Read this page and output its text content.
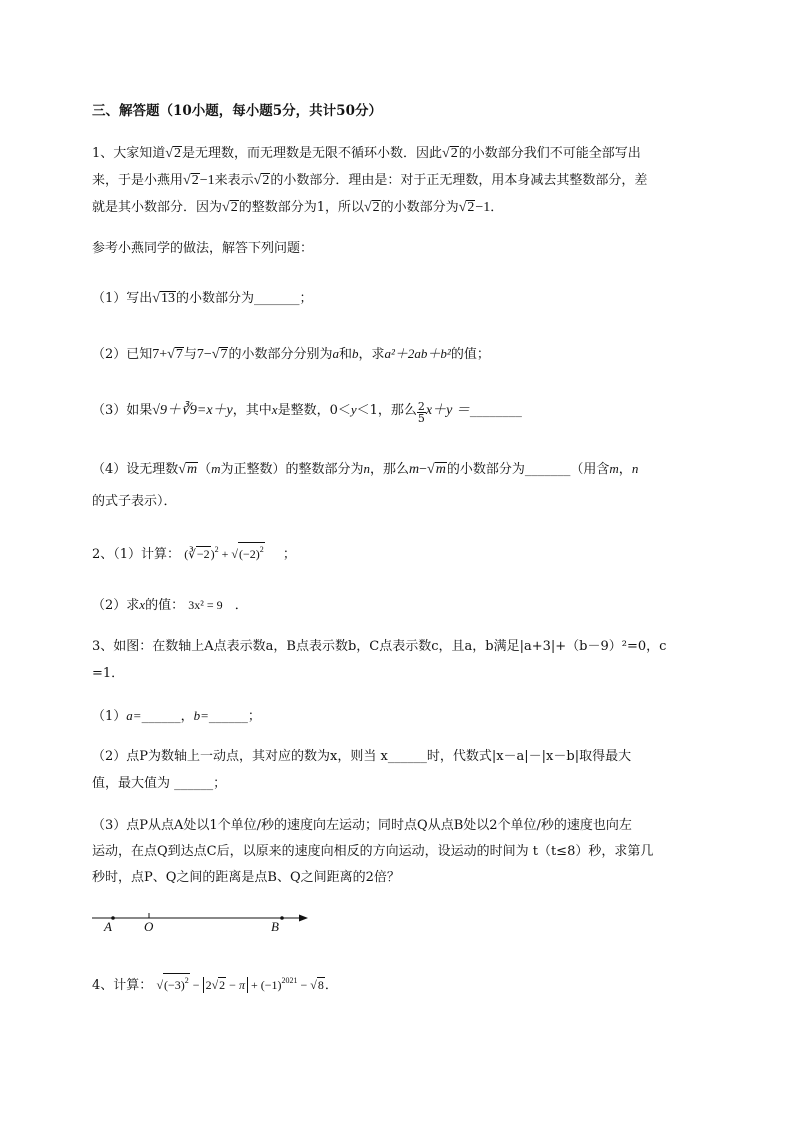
三、解答题（10小题，每小题5分，共计50分）
1、大家知道√2是无理数，而无理数是无限不循环小数．因此√2的小数部分我们不可能全部写出
来，于是小燕用√2−1来表示√2的小数部分．理由是：对于正无理数，用本身减去其整数部分，差
就是其小数部分．因为√2的整数部分为1，所以√2的小数部分为√2−1．
参考小燕同学的做法，解答下列问题：
（1）写出√13的小数部分为_______；
（2）已知7+√7与7−√7的小数部分分别为a和b，求a²＋2ab＋b²的值；
（3）如果√9＋∛9=x＋y，其中x是整数，0＜y＜1，那么 $\frac{2}{5} x+y$ ＝________
（4）设无理数√m（m为正整数）的整数部分为n，那么m−√m的小数部分为_______（用含m，n
的式子表示）．
2、（1）计算： (∛−2)$^2$ + $√(-2)^2$ ；
（2）求x的值： 3x² = 9 ．
3、如图：在数轴上A点表示数a，B点表示数b，C点表示数c，且a，b满足|a+3|+（b－9）²=0，c
=1．
（1）a=______，b=______；
（2）点P为数轴上一动点，其对应的数为x，则当 x______时，代数式|x－a|－|x－b|取得最大
值，最大值为 ______；
（3）点P从点A处以1个单位/秒的速度向左运动；同时点Q从点B处以2个单位/秒的速度也向左
运动，在点Q到达点C后，以原来的速度向相反的方向运动，设运动的时间为 t（t≤8）秒，求第几
秒时，点P、Q之间的距离是点B、Q之间距离的2倍？
A O	B
4、计算： $√(-3)^2 - 2√2 - \pi + (-1)^{2021} - √8$．
